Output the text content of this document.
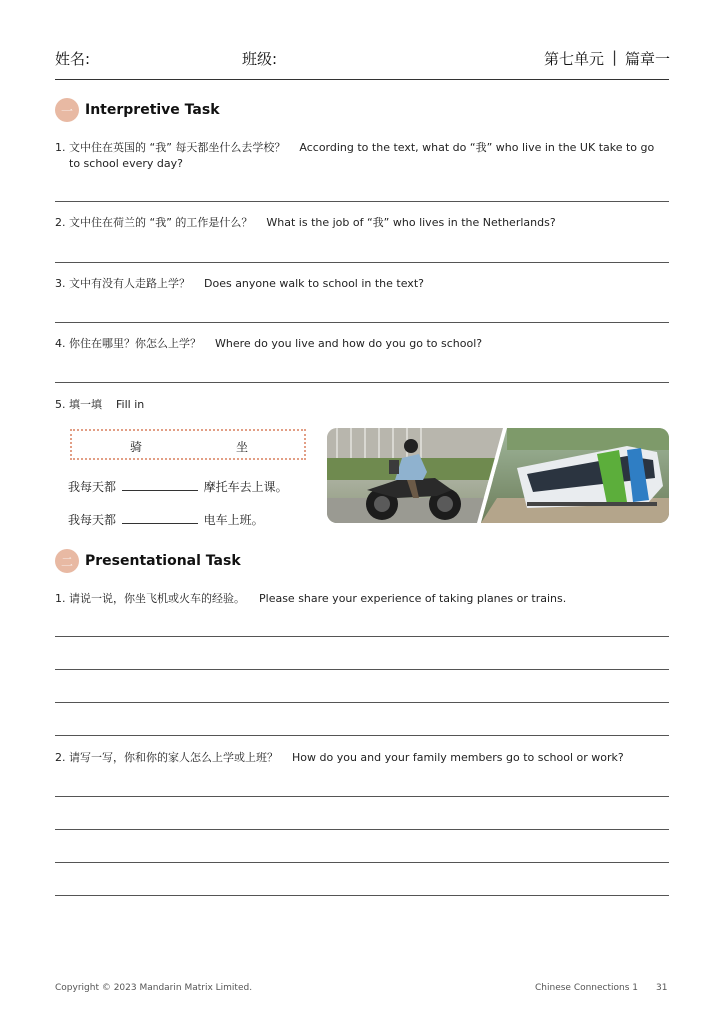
姓名:	班级:	第七单元 | 篇章一
一 Interpretive Task
1. 文中住在英国的 “我” 每天都坐什么去学校？ According to the text, what do “我” who live in the UK take to go
to school every day?
2. 文中住在荷兰的 “我” 的工作是什么？ What is the job of “我” who lives in the Netherlands?
3. 文中有没有人走路上学？ Does anyone walk to school in the text?
4. 你住在哪里？你怎么上学？ Where do you live and how do you go to school?
5. 填一填 Fill in
骑	坐
我每天都	摩托车去上课。
我每天都	电车上班。
二 Presentational Task
1. 请说一说，你坐飞机或火车的经验。 Please share your experience of taking planes or trains.
2. 请写一写，你和你的家人怎么上学或上班？ How do you and your family members go to school or work?
Copyright © 2023 Mandarin Matrix Limited.	Chinese Connections 1 31
